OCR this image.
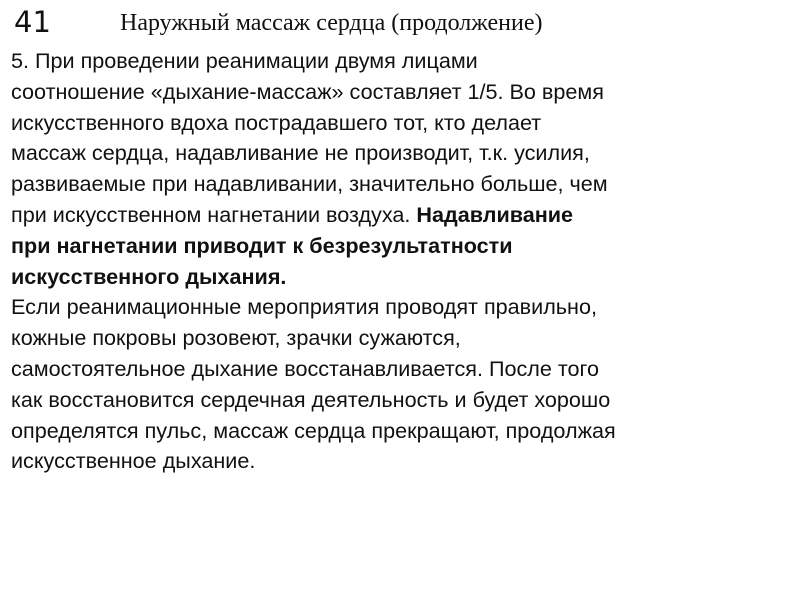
41	Наружный массаж сердца (продолжение)

5. При проведении реанимации двумя лицами
соотношение «дыхание-массаж» составляет 1/5. Во время
искусственного вдоха пострадавшего тот, кто делает
массаж сердца, надавливание не производит, т.к. усилия,
развиваемые при надавливании, значительно больше, чем
при искусственном нагнетании воздуха. Надавливание
при нагнетании приводит к безрезультатности
искусственного дыхания.

Если реанимационные мероприятия проводят правильно,
кожные покровы розовеют, зрачки сужаются,
самостоятельное дыхание восстанавливается. После того
как восстановится сердечная деятельность и будет хорошо
определятся пульс, массаж сердца прекращают, продолжая
искусственное дыхание.
